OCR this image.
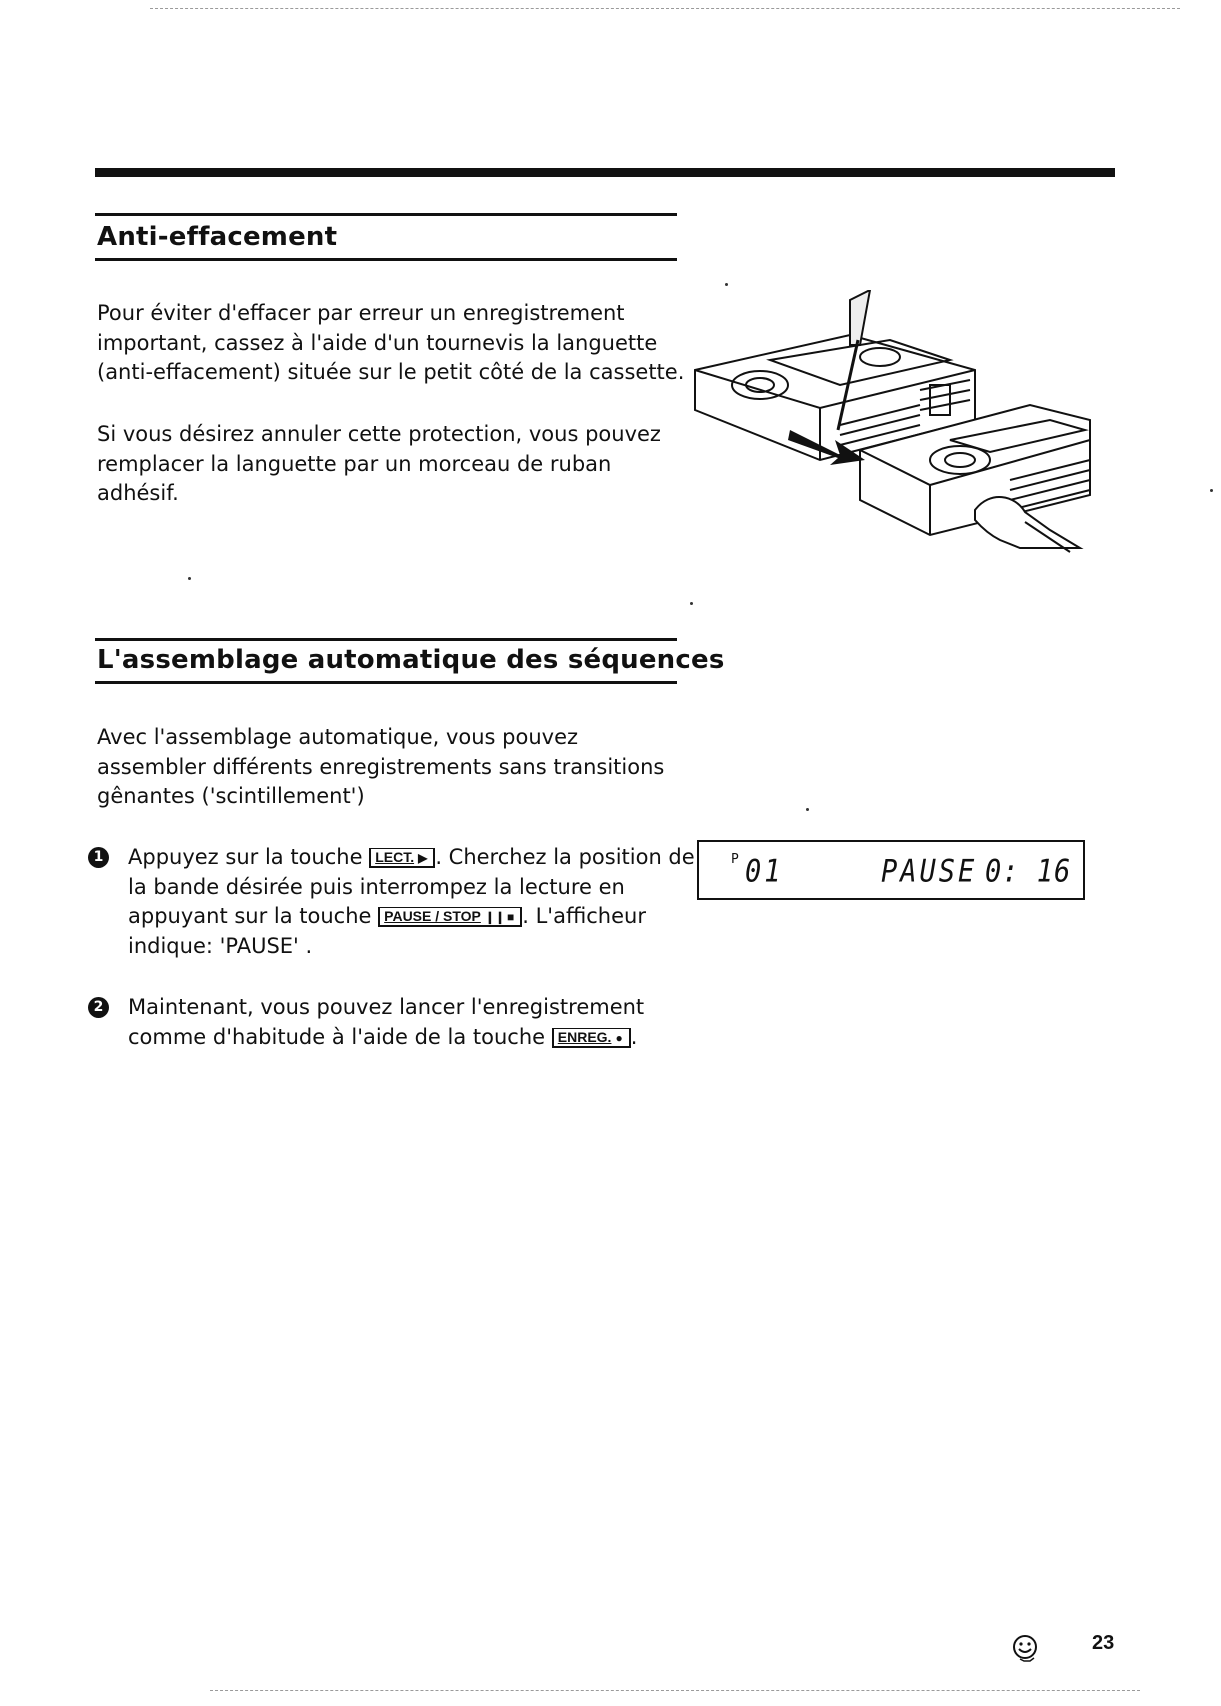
Anti-effacement

Pour éviter d'effacer par erreur un enregistrement important, cassez à l'aide d'un tournevis la languette (anti-effacement) située sur le petit côté de la cassette.

Si vous désirez annuler cette protection, vous pouvez remplacer la languette par un morceau de ruban adhésif.

L'assemblage automatique des séquences

Avec l'assemblage automatique, vous pouvez assembler différents enregistrements sans transitions gênantes ('scintillement')

1 Appuyez sur la touche LECT. ▶ . Cherchez la position de la bande désirée puis interrompez la lecture en appuyant sur la touche PAUSE / STOP ❙❙ ■ . L'afficheur indique: 'PAUSE' .
2 Maintenant, vous pouvez lancer l'enregistrement comme d'habitude à l'aide de la touche ENREG. ● .
P 01	PAUSE 0: 16
23
